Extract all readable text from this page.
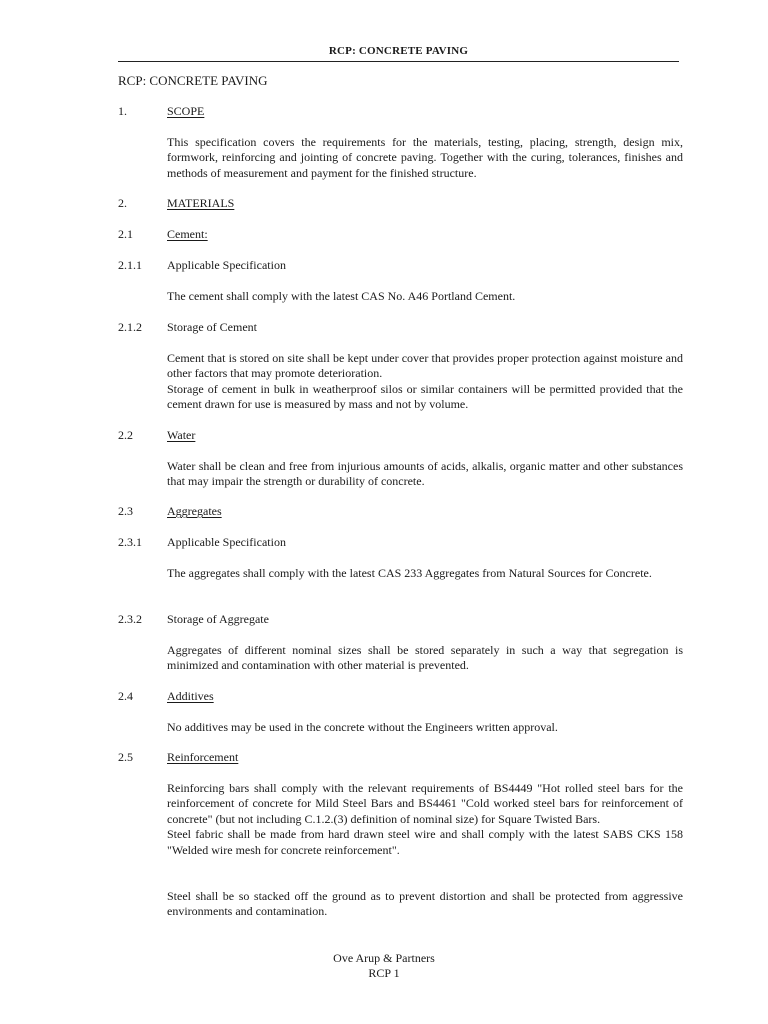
RCP: CONCRETE PAVING
RCP: CONCRETE PAVING
1.	SCOPE
This specification covers the requirements for the materials, testing, placing, strength, design mix, formwork, reinforcing and jointing of concrete paving. Together with the curing, tolerances, finishes and methods of measurement and payment for the finished structure.
2.	MATERIALS
2.1	Cement:
2.1.1 Applicable Specification
The cement shall comply with the latest CAS No. A46 Portland Cement.
2.1.2 Storage of Cement

Cement that is stored on site shall be kept under cover that provides proper protection against moisture and other factors that may promote deterioration.

Storage of cement in bulk in weatherproof silos or similar containers will be permitted provided that the cement drawn for use is measured by mass and not by volume.

2.2	Water
Water shall be clean and free from injurious amounts of acids, alkalis, organic matter and other substances that may impair the strength or durability of concrete.
2.3	Aggregates
2.3.1 Applicable Specification
The aggregates shall comply with the latest CAS 233 Aggregates from Natural Sources for Concrete.
2.3.2 Storage of Aggregate
Aggregates of different nominal sizes shall be stored separately in such a way that segregation is minimized and contamination with other material is prevented.
2.4	Additives
No additives may be used in the concrete without the Engineers written approval.
2.5	Reinforcement

Reinforcing bars shall comply with the relevant requirements of BS4449 "Hot rolled steel bars for the reinforcement of concrete for Mild Steel Bars and BS4461 "Cold worked steel bars for reinforcement of concrete" (but not including C.1.2.(3) definition of nominal size) for Square Twisted Bars.

Steel fabric shall be made from hard drawn steel wire and shall comply with the latest SABS CKS 158 "Welded wire mesh for concrete reinforcement".

Steel shall be so stacked off the ground as to prevent distortion and shall be protected from aggressive environments and contamination.
Ove Arup & Partners
RCP 1
